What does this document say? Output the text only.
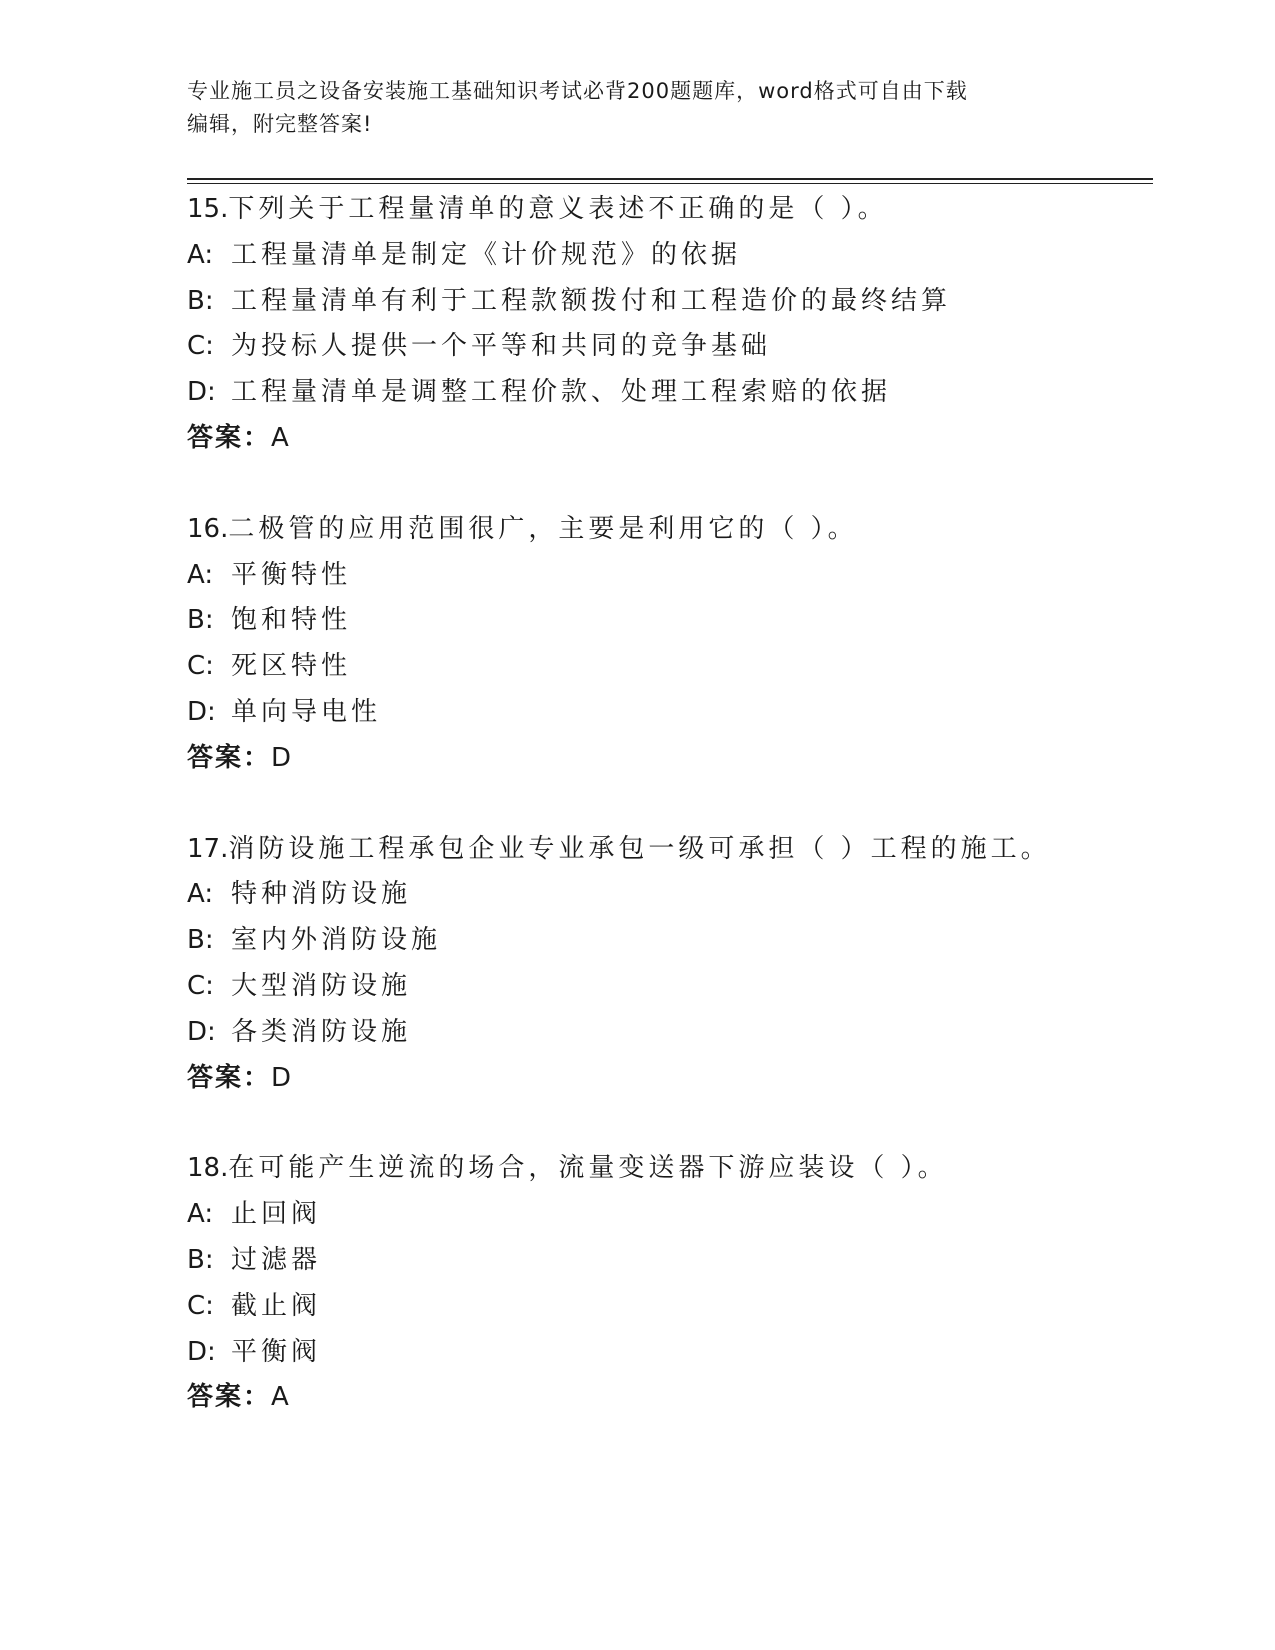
专业施工员之设备安装施工基础知识考试必背200题题库，word格式可自由下载
编辑，附完整答案!
15.下列关于工程量清单的意义表述不正确的是（ ）。
A: 工程量清单是制定《计价规范》的依据
B: 工程量清单有利于工程款额拨付和工程造价的最终结算
C: 为投标人提供一个平等和共同的竞争基础
D: 工程量清单是调整工程价款、处理工程索赔的依据
答案：A
16.二极管的应用范围很广，主要是利用它的（ ）。
A: 平衡特性
B: 饱和特性
C: 死区特性
D: 单向导电性
答案：D
17.消防设施工程承包企业专业承包一级可承担（ ）工程的施工。
A: 特种消防设施
B: 室内外消防设施
C: 大型消防设施
D: 各类消防设施
答案：D
18.在可能产生逆流的场合，流量变送器下游应装设（ ）。
A: 止回阀
B: 过滤器
C: 截止阀
D: 平衡阀
答案：A
